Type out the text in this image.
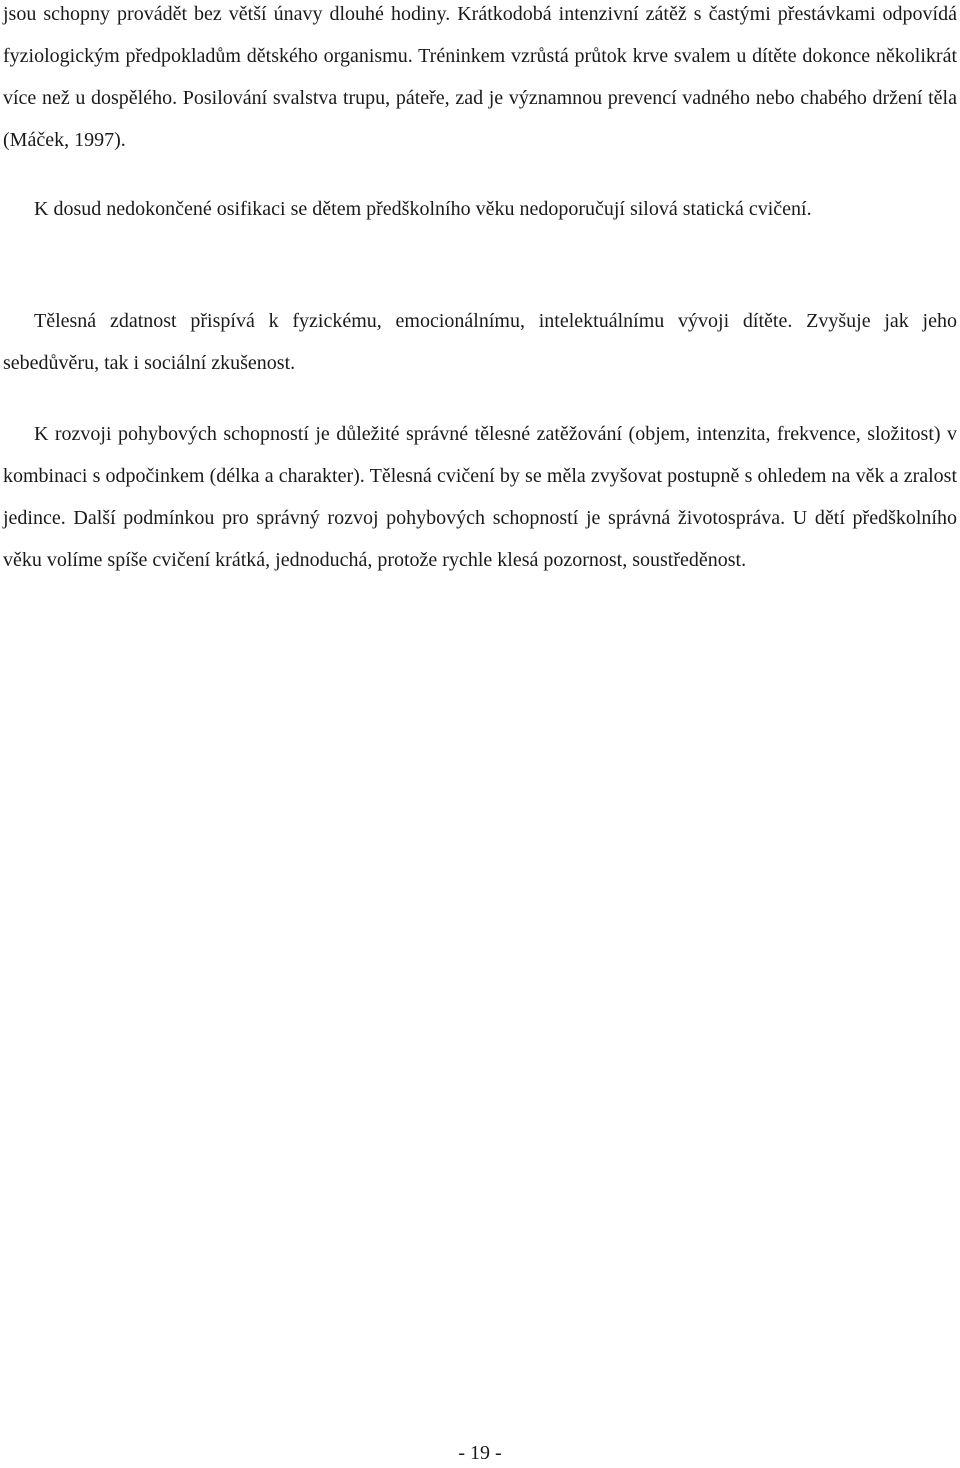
jsou schopny provádět bez větší únavy dlouhé hodiny. Krátkodobá intenzivní zátěž s častými přestávkami odpovídá fyziologickým předpokladům dětského organismu. Tréninkem vzrůstá průtok krve svalem u dítěte dokonce několikrát více než u dospělého. Posilování svalstva trupu, páteře, zad je významnou prevencí vadného nebo chabého držení těla (Máček, 1997).

K dosud nedokončené osifikaci se dětem předškolního věku nedoporučují silová statická cvičení.

Tělesná zdatnost přispívá k fyzickému, emocionálnímu, intelektuálnímu vývoji dítěte. Zvyšuje jak jeho sebedůvěru, tak i sociální zkušenost.

K rozvoji pohybových schopností je důležité správné tělesné zatěžování (objem, intenzita, frekvence, složitost) v kombinaci s odpočinkem (délka a charakter). Tělesná cvičení by se měla zvyšovat postupně s ohledem na věk a zralost jedince. Další podmínkou pro správný rozvoj pohybových schopností je správná životospráva. U dětí předškolního věku volíme spíše cvičení krátká, jednoduchá, protože rychle klesá pozornost, soustředěnost.

- 19 -
